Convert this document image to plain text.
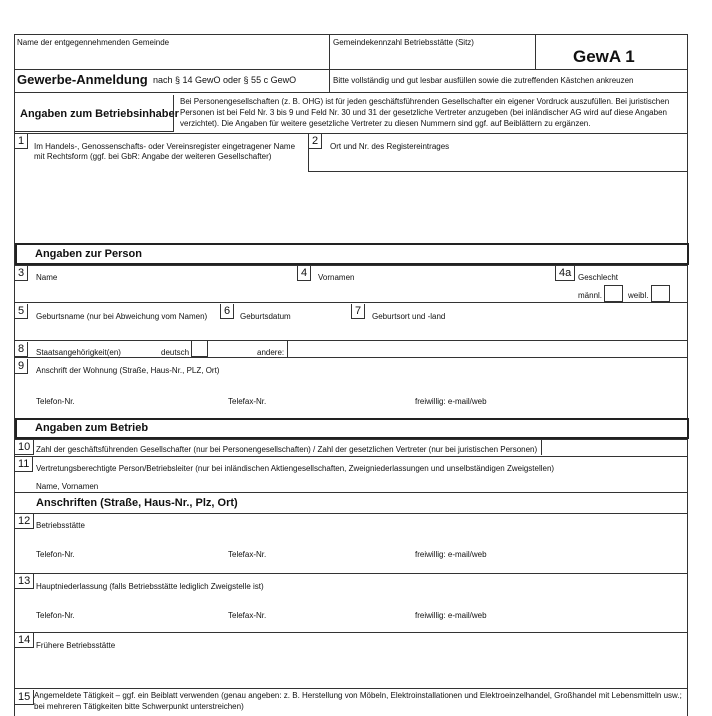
Name der entgegennehmenden Gemeinde	Gemeindekennzahl Betriebsstätte (Sitz)
GewA 1
Gewerbe-Anmeldung nach § 14 GewO oder § 55 c GewO	Bitte vollständig und gut lesbar ausfüllen sowie die zutreffenden Kästchen ankreuzen
Angaben zum Betriebsinhaber
Bei Personengesellschaften (z. B. OHG) ist für jeden geschäftsführenden Gesellschafter ein eigener Vordruck auszufüllen. Bei juristischen Personen ist bei Feld Nr. 3 bis 9 und Feld Nr. 30 und 31 der gesetzliche Vertreter anzugeben (bei inländischer AG wird auf diese Angaben verzichtet). Die Angaben für weitere gesetzliche Vertreter zu diesen Nummern sind ggf. auf Beiblättern zu ergänzen.
1	Im Handels-, Genossenschafts- oder Vereinsregister eingetragener Name mit Rechtsform (ggf. bei GbR: Angabe der weiteren Gesellschafter)
2	Ort und Nr. des Registereintrages
Angaben zur Person
3	Name	4	Vornamen	4a Geschlecht
männl.	weibl.
5	Geburtsname (nur bei Abweichung vom Namen)	6	Geburtsdatum	7	Geburtsort und -land
8	Staatsangehörigkeit(en)	deutsch	andere:
9	Anschrift der Wohnung (Straße, Haus-Nr., PLZ, Ort)
Telefon-Nr.	Telefax-Nr.	freiwillig: e-mail/web
Angaben zum Betrieb
10 Zahl der geschäftsführenden Gesellschafter (nur bei Personengesellschaften) / Zahl der gesetzlichen Vertreter (nur bei juristischen Personen)
11 Vertretungsberechtigte Person/Betriebsleiter (nur bei inländischen Aktiengesellschaften, Zweigniederlassungen und unselbständigen Zweigstellen)
Name, Vornamen
Anschriften (Straße, Haus-Nr., Plz, Ort)
12 Betriebsstätte
Telefon-Nr.	Telefax-Nr.	freiwillig: e-mail/web
13 Hauptniederlassung (falls Betriebsstätte lediglich Zweigstelle ist)
Telefon-Nr.	Telefax-Nr.	freiwillig: e-mail/web
14 Frühere Betriebsstätte
15 Angemeldete Tätigkeit – ggf. ein Beiblatt verwenden (genau angeben: z. B. Herstellung von Möbeln, Elektroinstallationen und Elektroeinzelhandel, Großhandel mit Lebensmitteln usw.; bei mehreren Tätigkeiten bitte Schwerpunkt unterstreichen)
